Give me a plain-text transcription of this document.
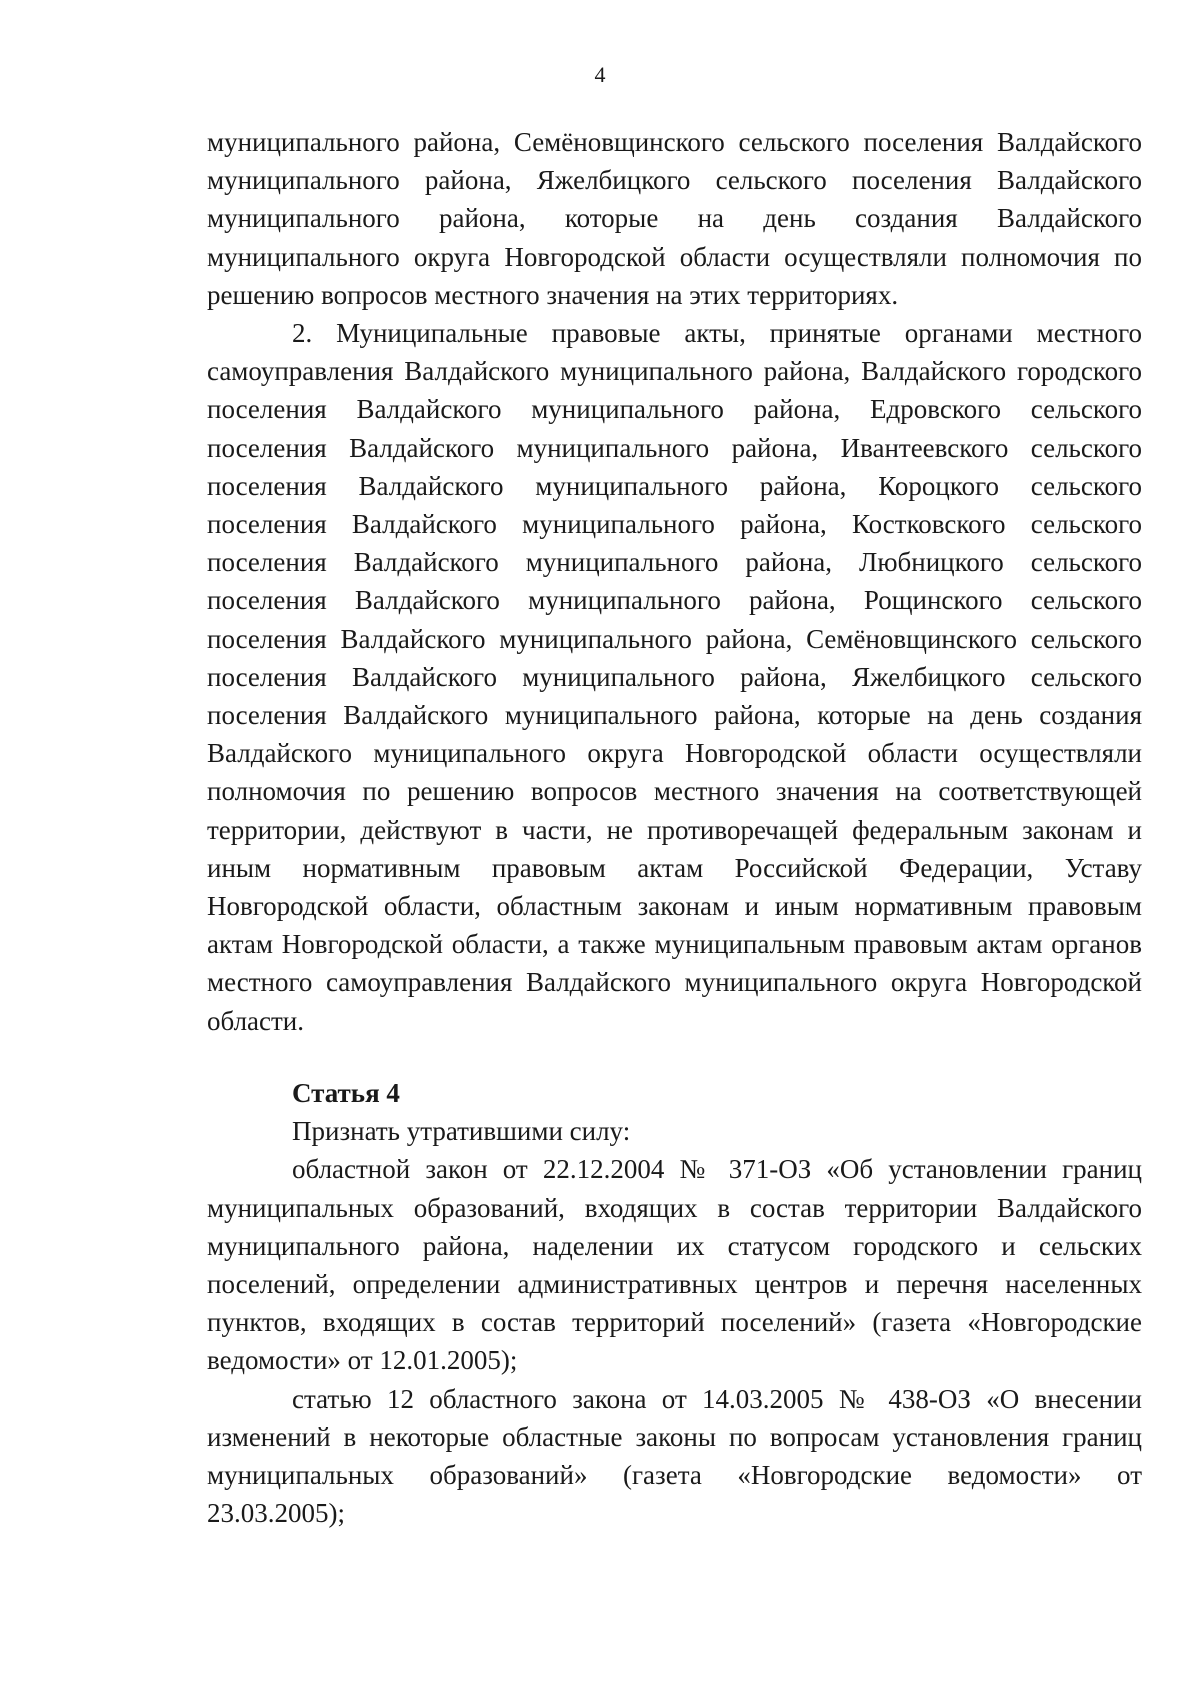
4

муниципального района, Семёновщинского сельского поселения Валдайского муниципального района, Яжелбицкого сельского поселения Валдайского муниципального района, которые на день создания Валдайского муниципального округа Новгородской области осуществляли полномочия по решению вопросов местного значения на этих территориях.

2. Муниципальные правовые акты, принятые органами местного самоуправления Валдайского муниципального района, Валдайского городского поселения Валдайского муниципального района, Едровского сельского поселения Валдайского муниципального района, Ивантеевского сельского поселения Валдайского муниципального района, Короцкого сельского поселения Валдайского муниципального района, Костковского сельского поселения Валдайского муниципального района, Любницкого сельского поселения Валдайского муниципального района, Рощинского сельского поселения Валдайского муниципального района, Семёновщинского сельского поселения Валдайского муниципального района, Яжелбицкого сельского поселения Валдайского муниципального района, которые на день создания Валдайского муниципального округа Новгородской области осуществляли полномочия по решению вопросов местного значения на соответствующей территории, действуют в части, не противоречащей федеральным законам и иным нормативным правовым актам Российской Федерации, Уставу Новгородской области, областным законам и иным нормативным правовым актам Новгородской области, а также муниципальным правовым актам органов местного самоуправления Валдайского муниципального округа Новгородской области.

Статья 4

Признать утратившими силу:

областной закон от 22.12.2004 № 371-ОЗ «Об установлении границ муниципальных образований, входящих в состав территории Валдайского муниципального района, наделении их статусом городского и сельских поселений, определении административных центров и перечня населенных пунктов, входящих в состав территорий поселений» (газета «Новгородские ведомости» от 12.01.2005);

статью 12 областного закона от 14.03.2005 № 438-ОЗ «О внесении изменений в некоторые областные законы по вопросам установления границ муниципальных образований» (газета «Новгородские ведомости» от 23.03.2005);
